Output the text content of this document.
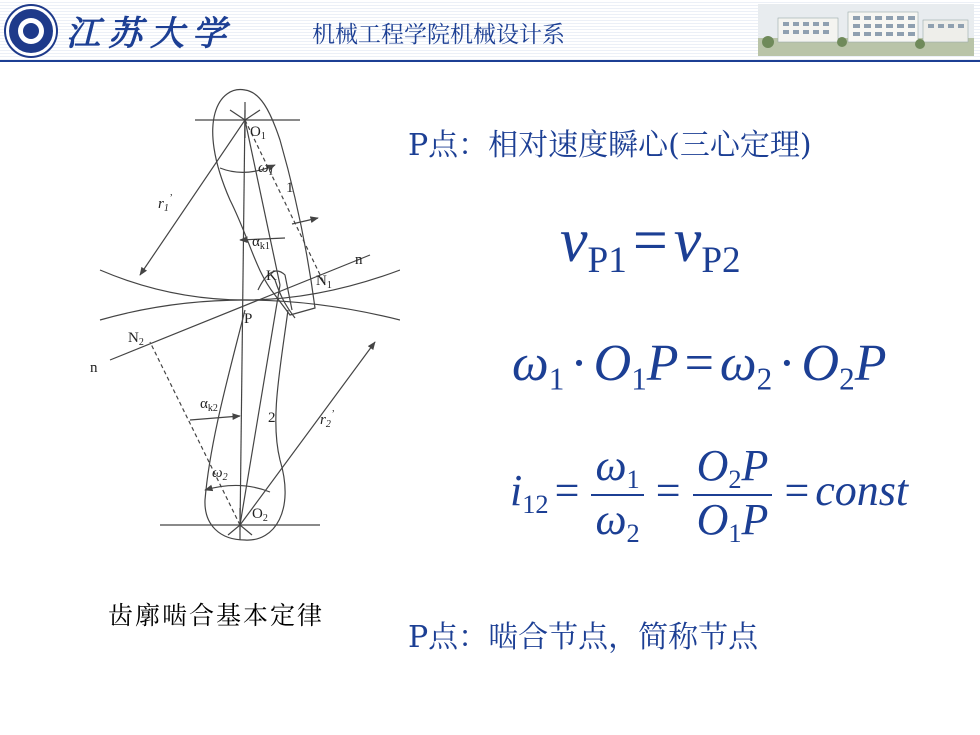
江苏大学	机械工程学院机械设计系
$O_1$
$\omega_1$
1
$r_1^’$
$\alpha_{k1}$
n
K	$N_1$
P
$N_2$
n
$\alpha_{k2}$
2	$r_2^’$
$\omega_2$
$O_2$
齿廓啮合基本定律
P点：相对速度瞬心(三心定理)
$v_{P1}=v_{P2}$
$\omega_1 \cdot O_1P = \omega_2 \cdot O_2P$
$i_{12} = \frac{\omega_1}{\omega_2} = \frac{O_2P}{O_1P}$ = const
P点：啮合节点，简称节点
